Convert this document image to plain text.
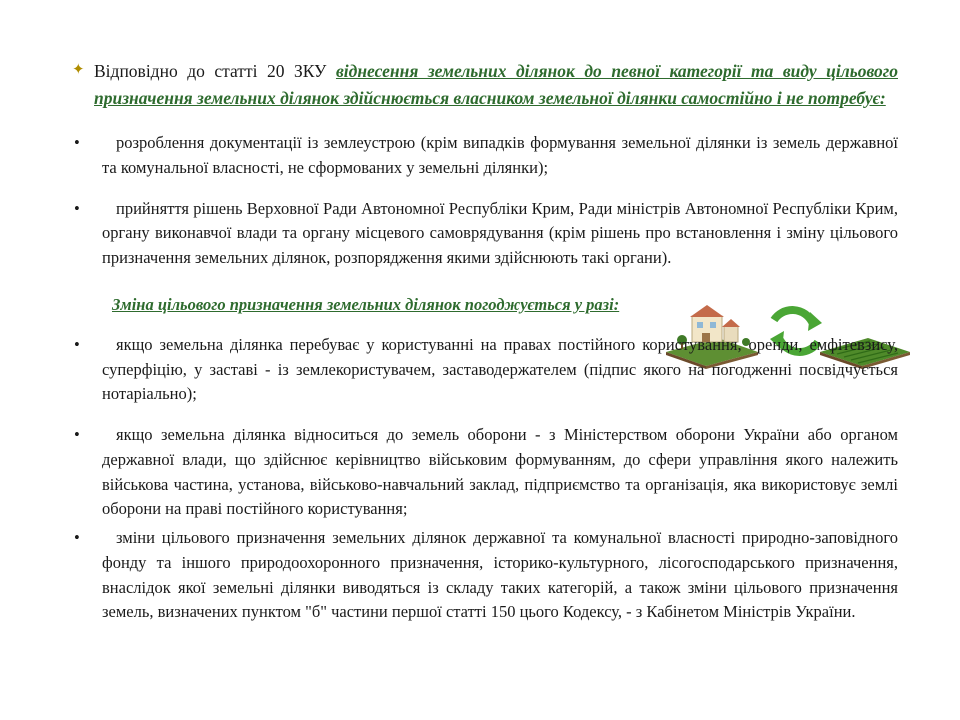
✦ Відповідно до статті 20 ЗКУ віднесення земельних ділянок до певної категорії та виду цільового призначення земельних ділянок здійснюється власником земельної ділянки самостійно і не потребує:

• розроблення документації із землеустрою (крім випадків формування земельної ділянки із земель державної та комунальної власності, не сформованих у земельні ділянки);

• прийняття рішень Верховної Ради Автономної Республіки Крим, Ради міністрів Автономної Республіки Крим, органу виконавчої влади та органу місцевого самоврядування (крім рішень про встановлення і зміну цільового призначення земельних ділянок, розпорядження якими здійснюють такі органи).

Зміна цільового призначення земельних ділянок погоджується у разі:

• якщо земельна ділянка перебуває у користуванні на правах постійного користування, оренди, емфітевзису, суперфіцію, у заставі - із землекористувачем, заставодержателем (підпис якого на погодженні посвідчується нотаріально);

• якщо земельна ділянка відноситься до земель оборони - з Міністерством оборони України або органом державної влади, що здійснює керівництво військовим формуванням, до сфери управління якого належить військова частина, установа, військово-навчальний заклад, підприємство та організація, яка використовує землі оборони на праві постійного користування;

• зміни цільового призначення земельних ділянок державної та комунальної власності природно-заповідного фонду та іншого природоохоронного призначення, історико-культурного, лісогосподарського призначення, внаслідок якої земельні ділянки виводяться із складу таких категорій, а також зміни цільового призначення земель, визначених пунктом "б" частини першої статті 150 цього Кодексу, - з Кабінетом Міністрів України.
